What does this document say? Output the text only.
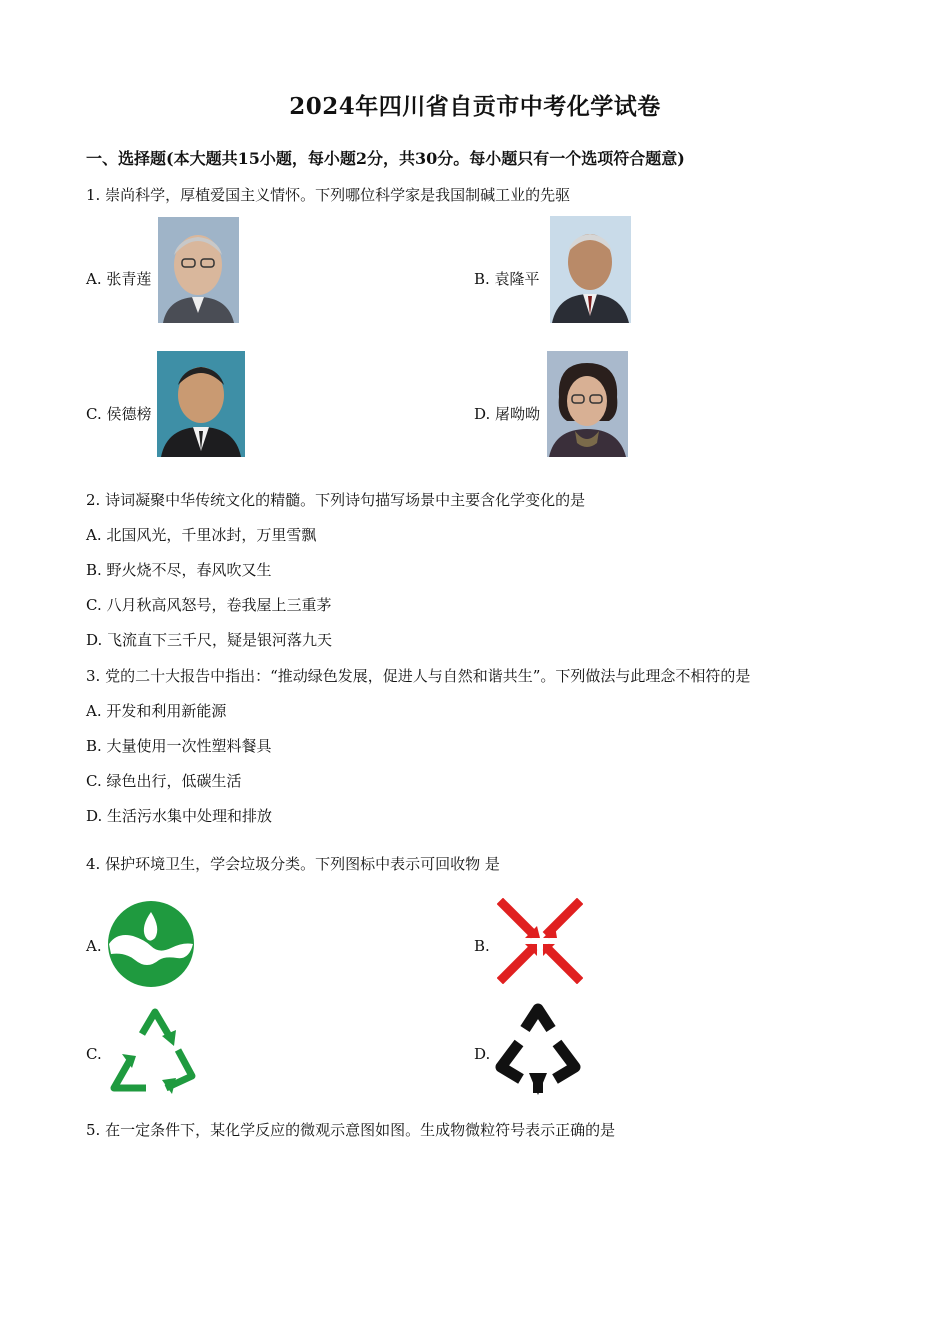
2024年四川省自贡市中考化学试卷
一、选择题(本大题共15小题，每小题2分，共30分。每小题只有一个选项符合题意)
1. 崇尚科学，厚植爱国主义情怀。下列哪位科学家是我国制碱工业的先驱
A. 张青莲	B. 袁隆平
C. 侯德榜	D. 屠呦呦
2. 诗词凝聚中华传统文化的精髓。下列诗句描写场景中主要含化学变化的是
A. 北国风光，千里冰封，万里雪飘
B. 野火烧不尽，春风吹又生
C. 八月秋高风怒号，卷我屋上三重茅
D. 飞流直下三千尺，疑是银河落九天
3. 党的二十大报告中指出：“推动绿色发展，促进人与自然和谐共生”。下列做法与此理念不相符的是
A. 开发和利用新能源
B. 大量使用一次性塑料餐具
C. 绿色出行，低碳生活
D. 生活污水集中处理和排放
4. 保护环境卫生，学会垃圾分类。下列图标中表示可回收物 是
A.	B.
C.	D.
5. 在一定条件下，某化学反应的微观示意图如图。生成物微粒符号表示正确的是
